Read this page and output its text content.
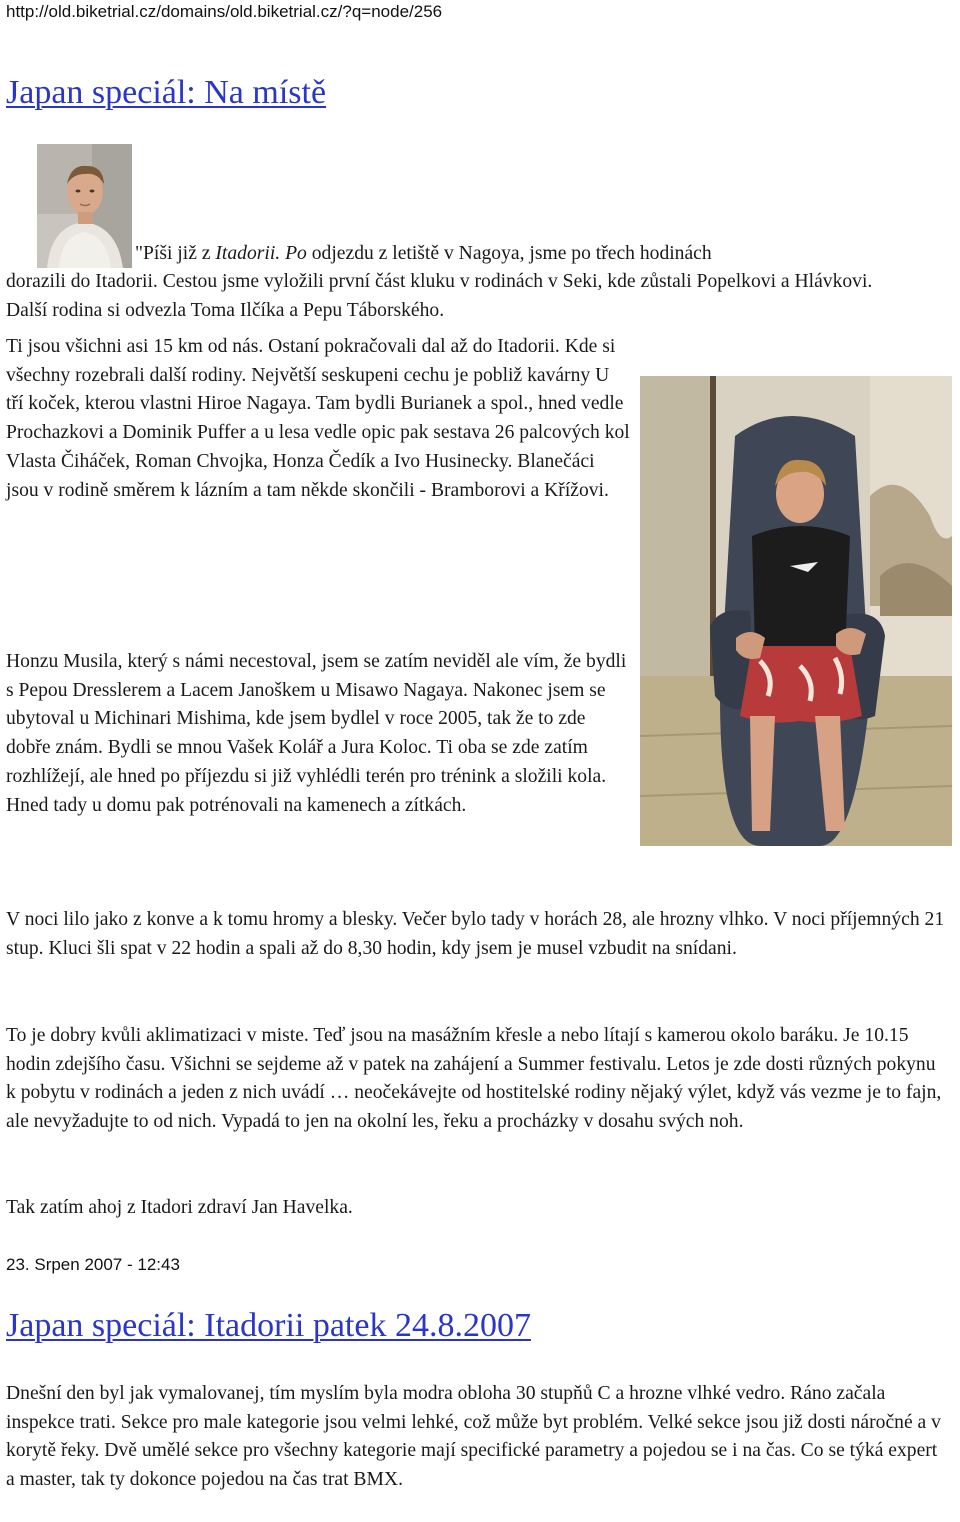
http://old.biketrial.cz/domains/old.biketrial.cz/?q=node/256
Japan speciál: Na místě

"Píši již z Itadorii. Po odjezdu z letiště v Nagoya, jsme po třech hodinách

dorazili do Itadorii. Cestou jsme vyložili první část kluku v rodinách v Seki, kde zůstali Popelkovi a Hlávkovi. Další rodina si odvezla Toma Ilčíka a Pepu Táborského.

Ti jsou všichni asi 15 km od nás. Ostaní pokračovali dal až do Itadorii. Kde si všechny rozebrali další rodiny. Největší seskupeni cechu je pobliž kavárny U tří koček, kterou vlastni Hiroe Nagaya. Tam bydli Burianek a spol., hned vedle Prochazkovi a Dominik Puffer a u lesa vedle opic pak sestava 26 palcových kol Vlasta Čiháček, Roman Chvojka, Honza Čedík a Ivo Husinecky. Blanečáci jsou v rodině směrem k lázním a tam někde skončili - Bramborovi a Křížovi.

Honzu Musila, který s námi necestoval, jsem se zatím neviděl ale vím, že bydli s Pepou Dresslerem a Lacem Janoškem u Misawo Nagaya. Nakonec jsem se ubytoval u Michinari Mishima, kde jsem bydlel v roce 2005, tak že to zde dobře znám. Bydli se mnou Vašek Kolář a Jura Koloc. Ti oba se zde zatím rozhlížejí, ale hned po příjezdu si již vyhlédli terén pro trénink a složili kola. Hned tady u domu pak potrénovali na kamenech a zítkách.

V noci lilo jako z konve a k tomu hromy a blesky. Večer bylo tady v horách 28, ale hrozny vlhko. V noci příjemných 21 stup. Kluci šli spat v 22 hodin a spali až do 8,30 hodin, kdy jsem je musel vzbudit na snídani.

To je dobry kvůli aklimatizaci v miste. Teď jsou na masážním křesle a nebo lítají s kamerou okolo baráku. Je 10.15 hodin zdejšího času. Všichni se sejdeme až v patek na zahájení a Summer festivalu. Letos je zde dosti různých pokynu k pobytu v rodinách a jeden z nich uvádí … neočekávejte od hostitelské rodiny nějaký výlet, když vás vezme je to fajn, ale nevyžadujte to od nich. Vypadá to jen na okolní les, řeku a procházky v dosahu svých noh.

Tak zatím ahoj z Itadori zdraví Jan Havelka.

23. Srpen 2007 - 12:43
Japan speciál: Itadorii patek 24.8.2007

Dnešní den byl jak vymalovanej, tím myslím byla modra obloha 30 stupňů C a hrozne vlhké vedro. Ráno začala inspekce trati. Sekce pro male kategorie jsou velmi lehké, což může byt problém. Velké sekce jsou již dosti náročné a v korytě řeky. Dvě umělé sekce pro všechny kategorie mají specifické parametry a pojedou se i na čas. Co se týká expert a master, tak ty dokonce pojedou na čas trat BMX.
